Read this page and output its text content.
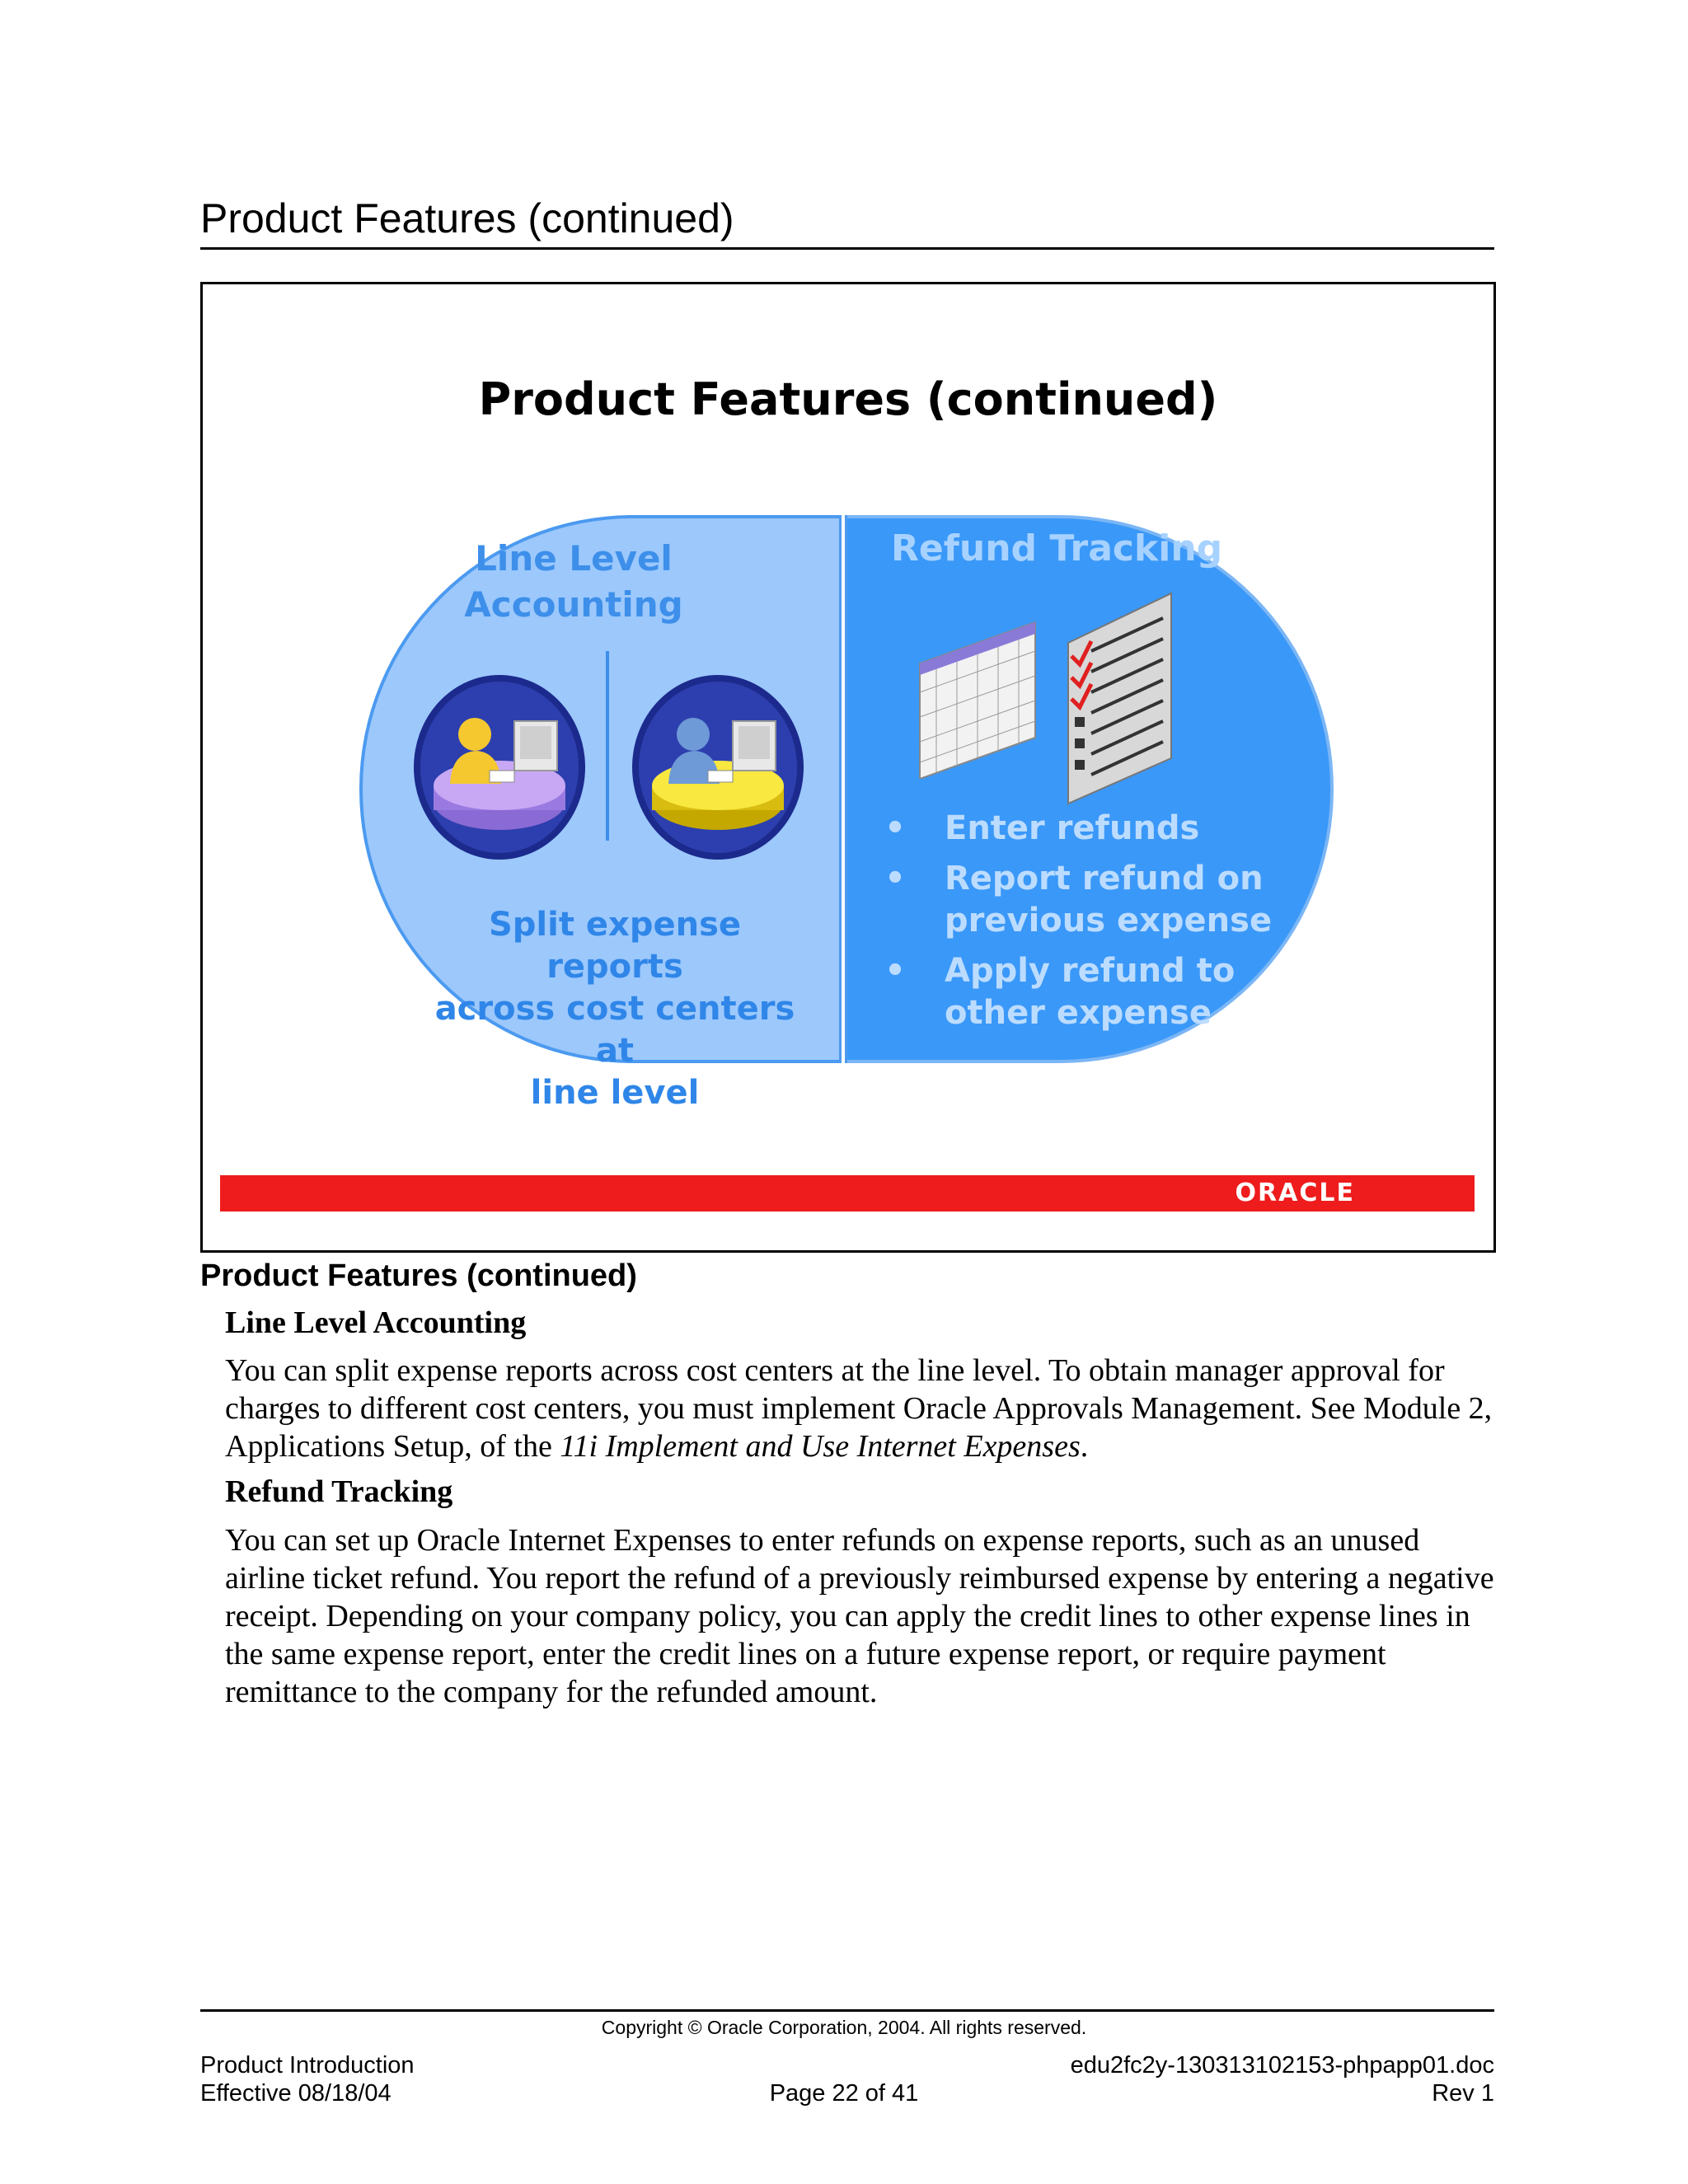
Product Features (continued)
Product Features (continued)
Line Level
Accounting
Split expense reports
across cost centers at
line level
Refund Tracking
• Enter refunds
• Report refund on
previous expense
• Apply refund to
other expense
ORACLE
Product Features (continued)
Line Level Accounting
You can split expense reports across cost centers at the line level. To obtain manager approval for charges to different cost centers, you must implement Oracle Approvals Management. See Module 2, Applications Setup, of the 11i Implement and Use Internet Expenses.
Refund Tracking
You can set up Oracle Internet Expenses to enter refunds on expense reports, such as an unused airline ticket refund. You report the refund of a previously reimbursed expense by entering a negative receipt. Depending on your company policy, you can apply the credit lines to other expense lines in the same expense report, enter the credit lines on a future expense report, or require payment remittance to the company for the refunded amount.
Copyright © Oracle Corporation, 2004. All rights reserved.
Product Introduction
Effective 08/18/04	Page 22 of 41
edu2fc2y-130313102153-phpapp01.doc
Rev 1
